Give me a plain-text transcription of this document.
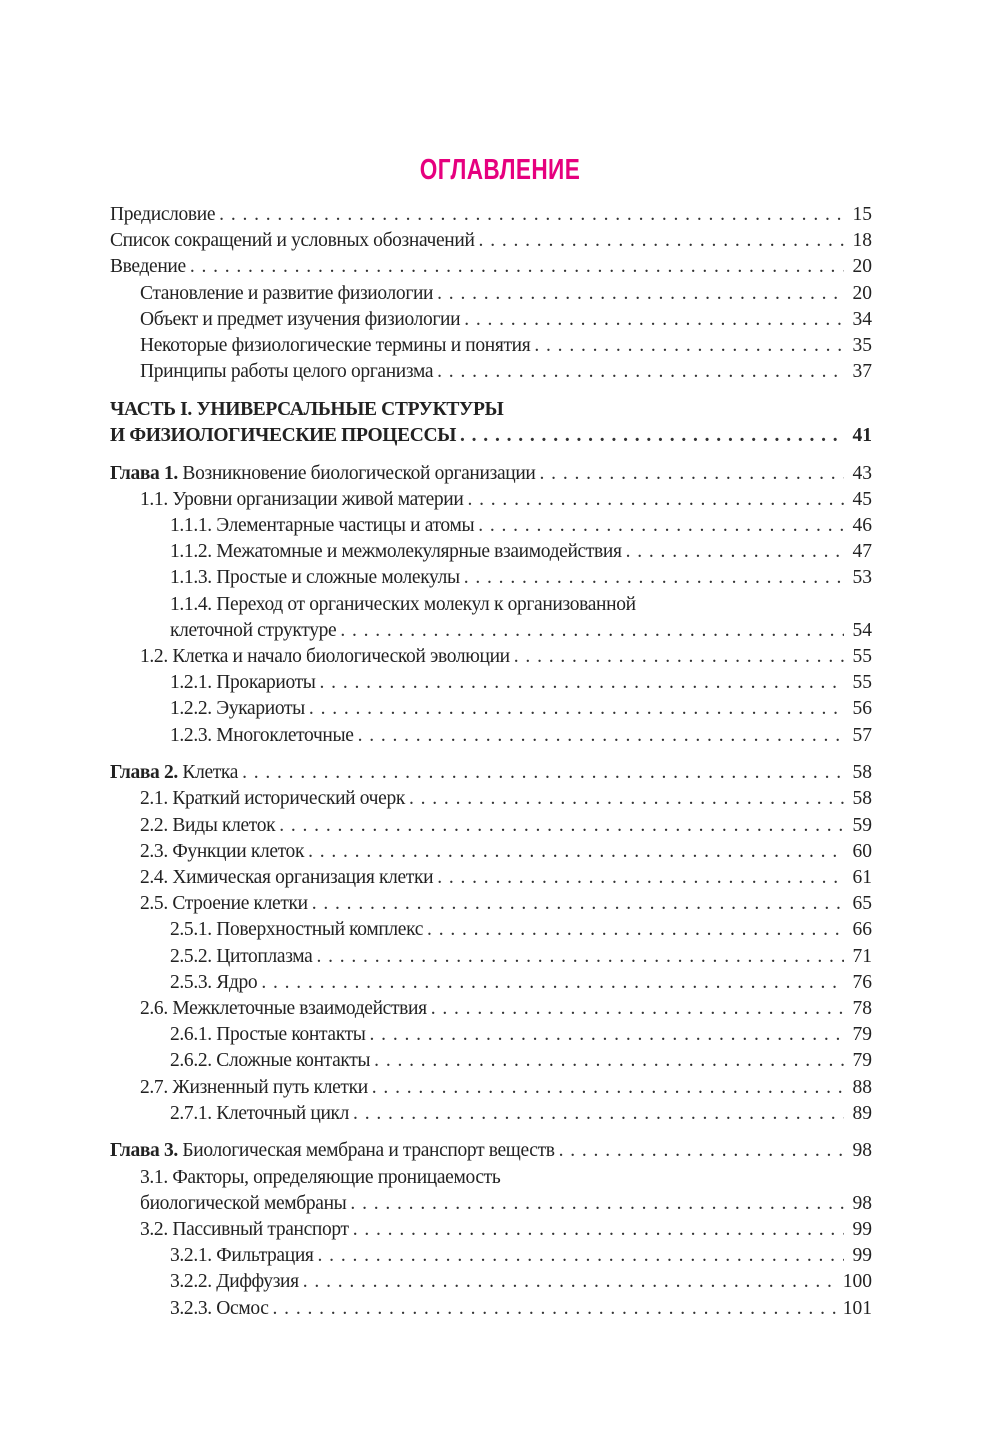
ОГЛАВЛЕНИЕ
Предисловие . . .	15
Список сокращений и условных обозначений . . .	18
Введение . . .	20
Становление и развитие физиологии . . .	20
Объект и предмет изучения физиологии . . .	34
Некоторые физиологические термины и понятия . . .	35
Принципы работы целого организма . . .	37
ЧАСТЬ I. УНИВЕРСАЛЬНЫЕ СТРУКТУРЫ
И ФИЗИОЛОГИЧЕСКИЕ ПРОЦЕССЫ . . .	41
Глава 1. Возникновение биологической организации . . .	43
1.1. Уровни организации живой материи . . .	45
1.1.1. Элементарные частицы и атомы . . .	46
1.1.2. Межатомные и межмолекулярные взаимодействия . . .	47
1.1.3. Простые и сложные молекулы . . .	53
1.1.4. Переход от органических молекул к организованной
клеточной структуре . . .	54
1.2. Клетка и начало биологической эволюции . . .	55
1.2.1. Прокариоты . . .	55
1.2.2. Эукариоты . . .	56
1.2.3. Многоклеточные . . .	57
Глава 2. Клетка . . .	58
2.1. Краткий исторический очерк . . .	58
2.2. Виды клеток . . .	59
2.3. Функции клеток . . .	60
2.4. Химическая организация клетки . . .	61
2.5. Строение клетки . . .	65
2.5.1. Поверхностный комплекс . . .	66
2.5.2. Цитоплазма . . .	71
2.5.3. Ядро . . .	76
2.6. Межклеточные взаимодействия . . .	78
2.6.1. Простые контакты . . .	79
2.6.2. Сложные контакты . . .	79
2.7. Жизненный путь клетки . . .	88
2.7.1. Клеточный цикл . . .	89
Глава 3. Биологическая мембрана и транспорт веществ . . .	98
3.1. Факторы, определяющие проницаемость
биологической мембраны . . .	98
3.2. Пассивный транспорт . . .	99
3.2.1. Фильтрация . . .	99
3.2.2. Диффузия . . .	100
3.2.3. Осмос . . .	101
